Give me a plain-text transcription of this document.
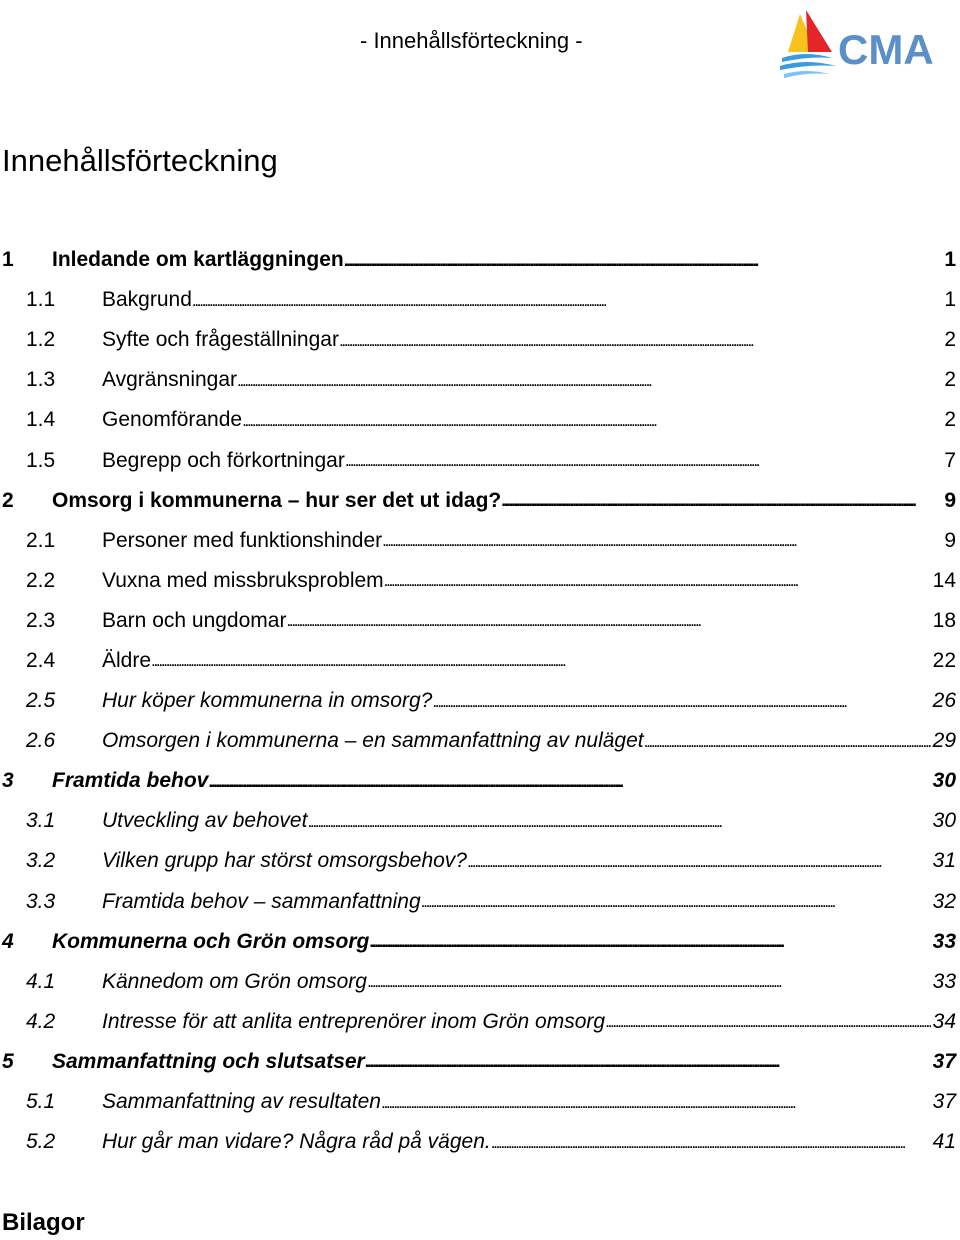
- Innehållsförteckning -	CMA
Innehållsförteckning
1	Inledande om kartläggningen . . .	1
1.1	Bakgrund . . .	1
1.2	Syfte och frågeställningar . . .	2
1.3	Avgränsningar . . .	2
1.4	Genomförande . . .	2
1.5	Begrepp och förkortningar . . .	7
2	Omsorg i kommunerna – hur ser det ut idag? . . .	9
2.1	Personer med funktionshinder . . .	9
2.2	Vuxna med missbruksproblem . . .	14
2.3	Barn och ungdomar . . .	18
2.4	Äldre . . .	22
2.5	Hur köper kommunerna in omsorg? . . .	26
2.6	Omsorgen i kommunerna – en sammanfattning av nuläget . . .	29
3	Framtida behov . . .	30
3.1	Utveckling av behovet . . .	30
3.2	Vilken grupp har störst omsorgsbehov? . . .	31
3.3	Framtida behov – sammanfattning . . .	32
4	Kommunerna och Grön omsorg . . .	33
4.1	Kännedom om Grön omsorg . . .	33
4.2	Intresse för att anlita entreprenörer inom Grön omsorg . . .	34
5	Sammanfattning och slutsatser . . .	37
5.1	Sammanfattning av resultaten . . .	37
5.2	Hur går man vidare? Några råd på vägen. . . .	41
Bilagor
